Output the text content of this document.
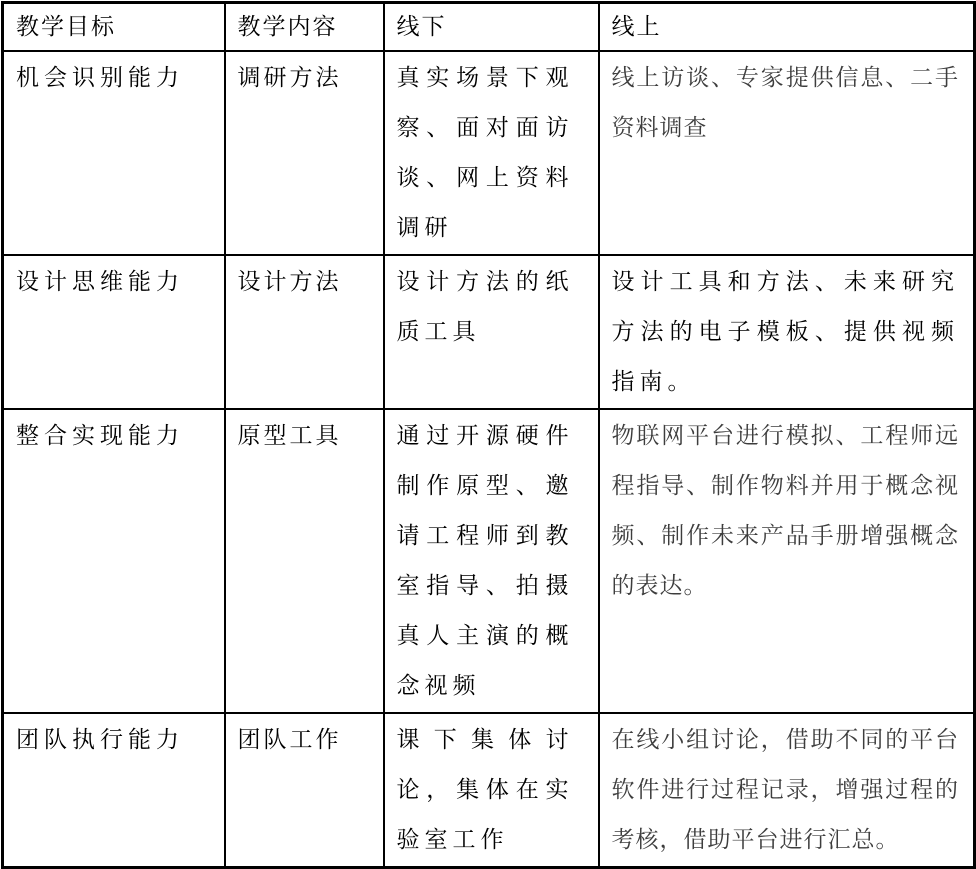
教学目标	教学内容	线下	线上
机会识别能力	调研方法	真实场景下观察、面对面访谈、网上资料调研	线上访谈、专家提供信息、二手资料调查
设计思维能力	设计方法	设计方法的纸质工具	设计工具和方法、未来研究方法的电子模板、提供视频指南。
整合实现能力	原型工具	通过开源硬件制作原型、邀请工程师到教室指导、拍摄真人主演的概念视频	物联网平台进行模拟、工程师远程指导、制作物料并用于概念视频、制作未来产品手册增强概念的表达。
团队执行能力	团队工作	课下集体讨论，集体在实验室工作	在线小组讨论，借助不同的平台软件进行过程记录，增强过程的考核，借助平台进行汇总。
